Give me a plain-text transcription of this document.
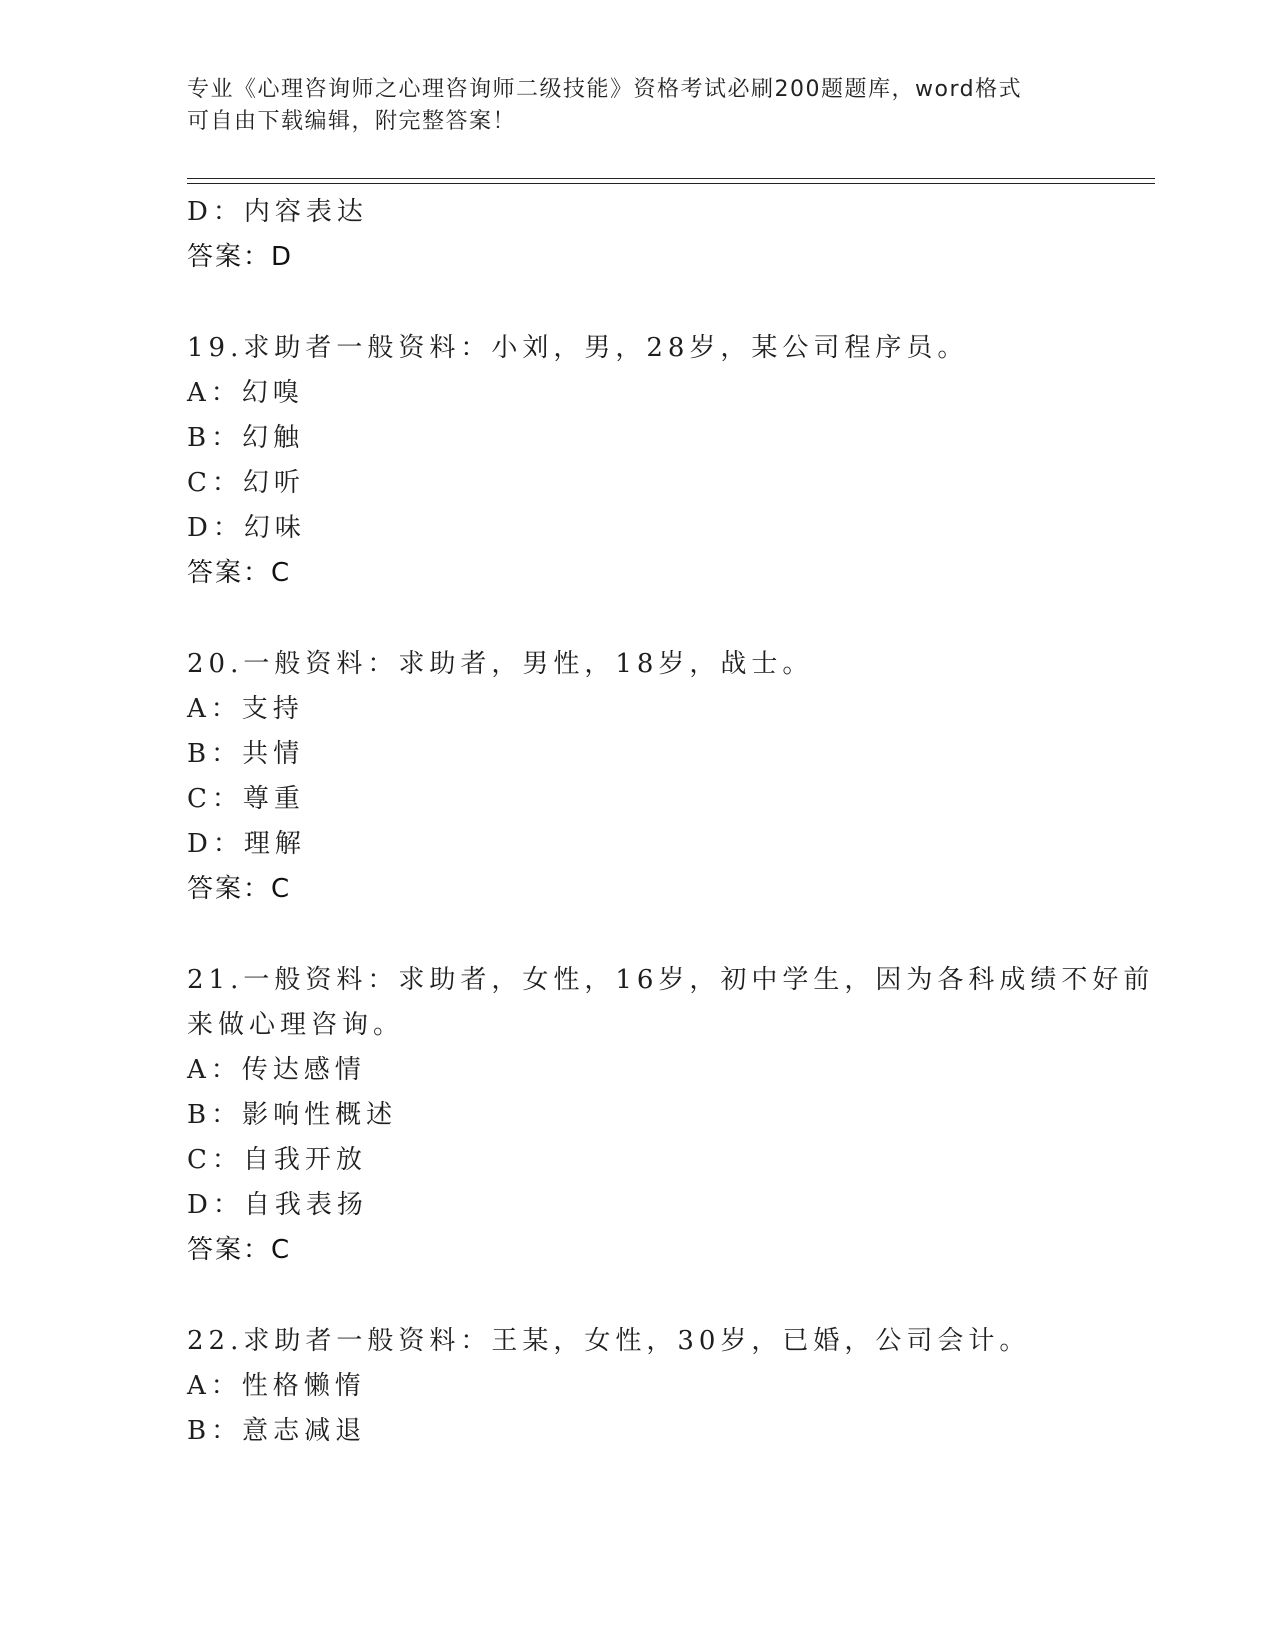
专业《心理咨询师之心理咨询师二级技能》资格考试必刷200题题库，word格式
可自由下载编辑，附完整答案！
D：内容表达
答案：D
19.求助者一般资料：小刘，男，28岁，某公司程序员。
A：幻嗅
B：幻触
C：幻听
D：幻味
答案：C
20.一般资料：求助者，男性，18岁，战士。
A：支持
B：共情
C：尊重
D：理解
答案：C
21.一般资料：求助者，女性，16岁，初中学生，因为各科成绩不好前
来做心理咨询。
A：传达感情
B：影响性概述
C：自我开放
D：自我表扬
答案：C
22.求助者一般资料：王某，女性，30岁，已婚，公司会计。
A：性格懒惰
B：意志减退
